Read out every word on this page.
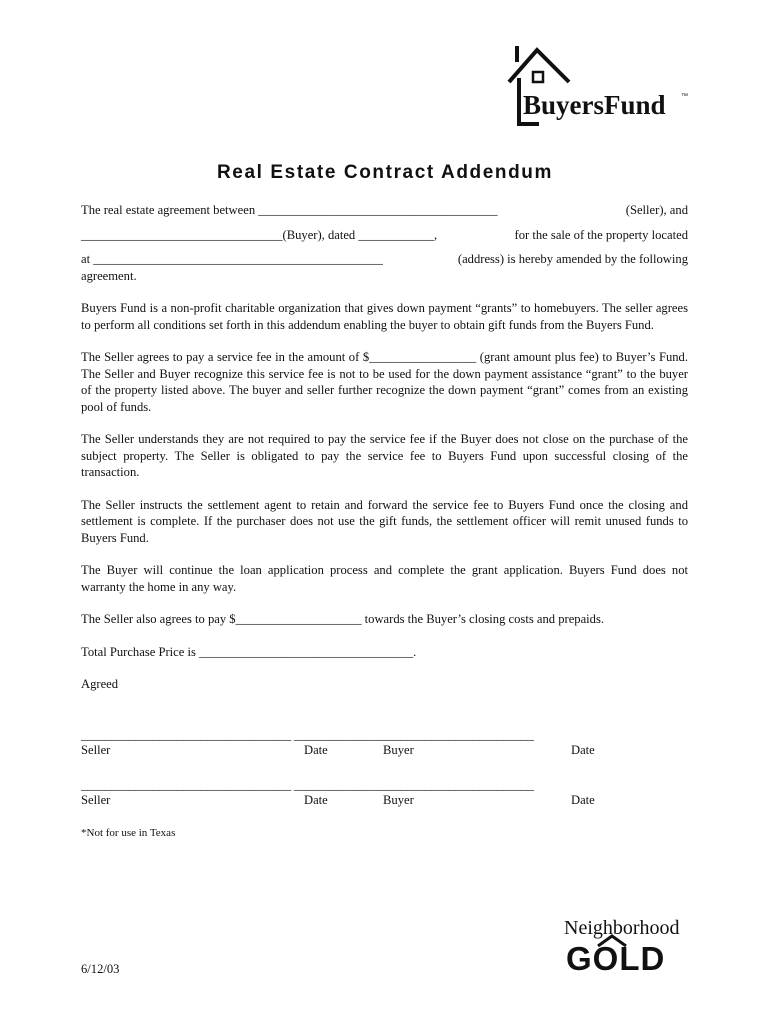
BuyersFund ™
Real Estate Contract Addendum
The real estate agreement between ______________________________________	(Seller), and
________________________________(Buyer), dated ____________,	for the sale of the property located
at ______________________________________________	(address) is hereby amended by the following

agreement.

Buyers Fund is a non-profit charitable organization that gives down payment “grants” to homebuyers. The seller agrees to perform all conditions set forth in this addendum enabling the buyer to obtain gift funds from the Buyers Fund.

The Seller agrees to pay a service fee in the amount of $_________________ (grant amount plus fee) to Buyer’s Fund. The Seller and Buyer recognize this service fee is not to be used for the down payment assistance “grant” to the buyer of the property listed above. The buyer and seller further recognize the down payment “grant” comes from an existing pool of funds.

The Seller understands they are not required to pay the service fee if the Buyer does not close on the purchase of the subject property. The Seller is obligated to pay the service fee to Buyers Fund upon successful closing of the transaction.

The Seller instructs the settlement agent to retain and forward the service fee to Buyers Fund once the closing and settlement is complete. If the purchaser does not use the gift funds, the settlement officer will remit unused funds to Buyers Fund.

The Buyer will continue the loan application process and complete the grant application. Buyers Fund does not warranty the home in any way.

The Seller also agrees to pay $____________________ towards the Buyer’s closing costs and prepaids.

Total Purchase Price is __________________________________.

Agreed

___________________________________ ________________________________________
Seller	Date	Buyer	Date
___________________________________ ________________________________________
Seller	Date	Buyer	Date
*Not for use in Texas
6/12/03
Neighborhood
GOLD
